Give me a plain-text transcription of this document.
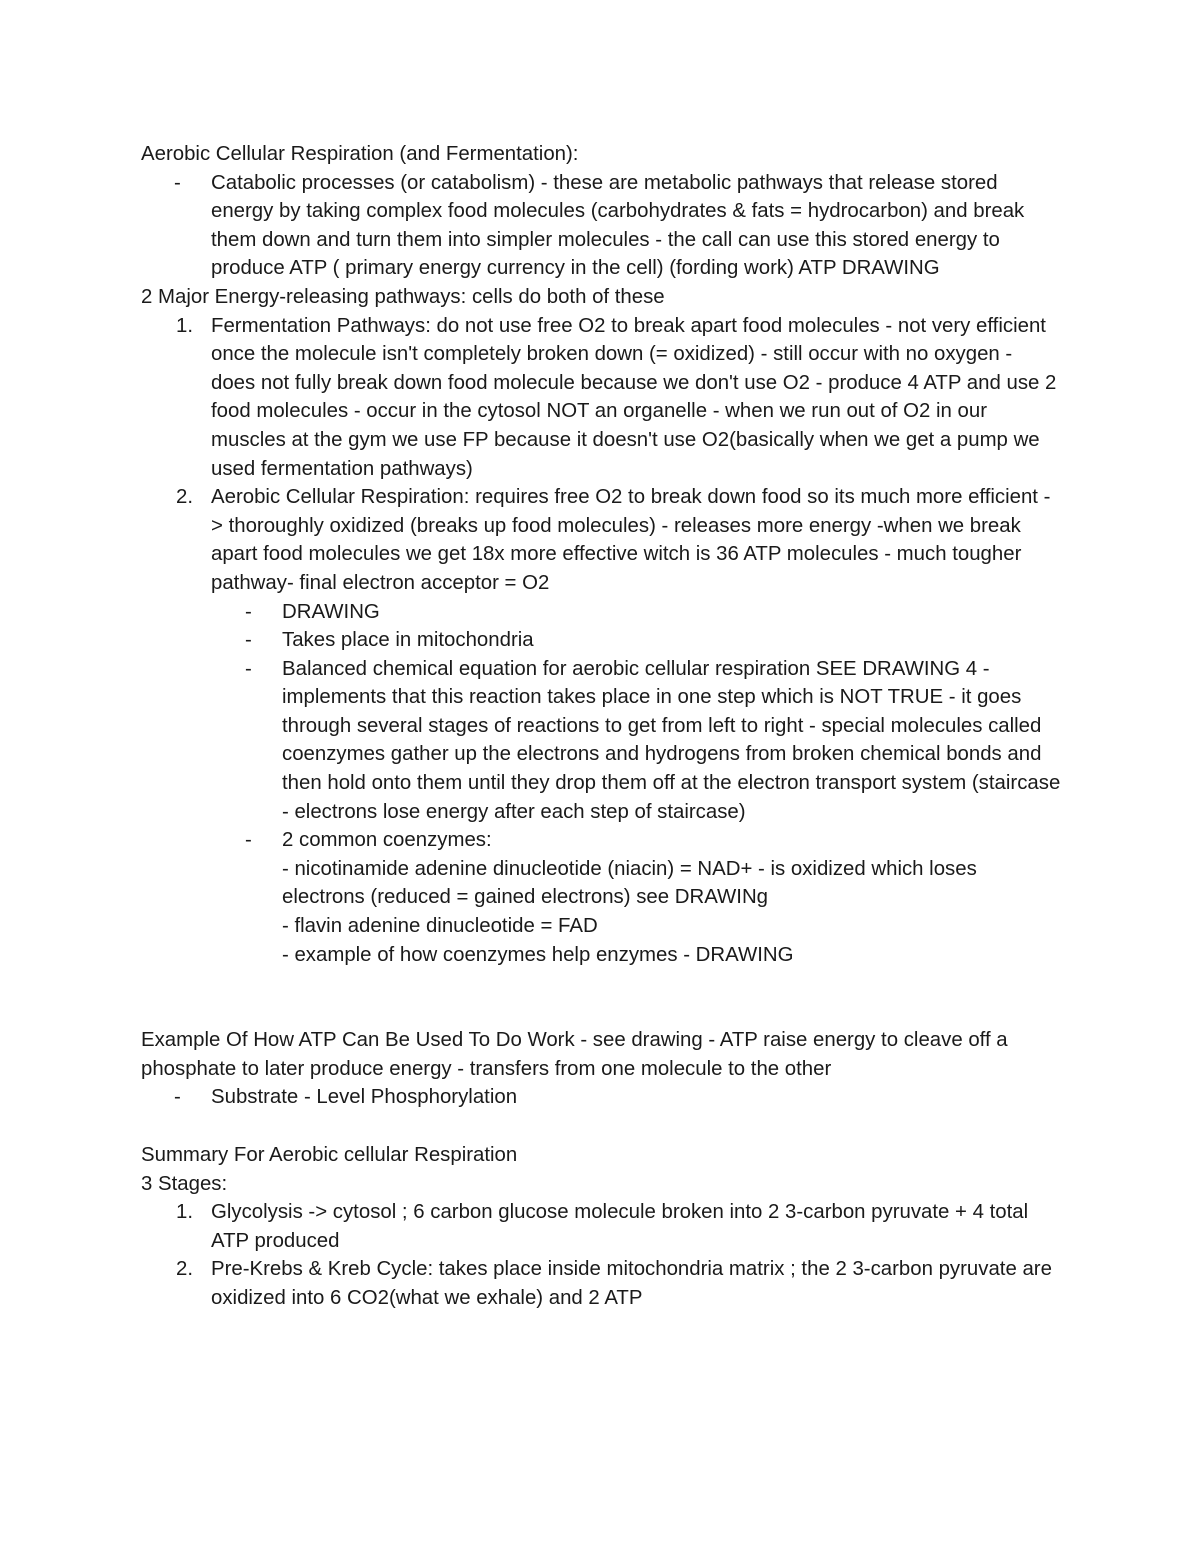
Aerobic Cellular Respiration (and Fermentation):
- Catabolic processes (or catabolism) - these are metabolic pathways that release stored energy by taking complex food molecules (carbohydrates & fats = hydrocarbon) and break them down and turn them into simpler molecules - the call can use this stored energy to produce ATP ( primary energy currency in the cell) (fording work) ATP DRAWING
2 Major Energy-releasing pathways: cells do both of these
1. Fermentation Pathways: do not use free O2 to break apart food molecules - not very efficient once the molecule isn't completely broken down (= oxidized) - still occur with no oxygen - does not fully break down food molecule because we don't use O2 - produce 4 ATP and use 2 food molecules - occur in the cytosol NOT an organelle - when we run out of O2 in our muscles at the gym we use FP because it doesn't use O2(basically when we get a pump we used fermentation pathways)
2. Aerobic Cellular Respiration: requires free O2 to break down food so its much more efficient -> thoroughly oxidized (breaks up food molecules) - releases more energy -when we break apart food molecules we get 18x more effective witch is 36 ATP molecules - much tougher pathway- final electron acceptor = O2
- DRAWING
- Takes place in mitochondria
- Balanced chemical equation for aerobic cellular respiration SEE DRAWING 4 - implements that this reaction takes place in one step which is NOT TRUE - it goes through several stages of reactions to get from left to right - special molecules called coenzymes gather up the electrons and hydrogens from broken chemical bonds and then hold onto them until they drop them off at the electron transport system (staircase - electrons lose energy after each step of staircase)
- 2 common coenzymes:
- nicotinamide adenine dinucleotide (niacin) = NAD+ - is oxidized which loses electrons (reduced = gained electrons) see DRAWINg
- flavin adenine dinucleotide = FAD
- example of how coenzymes help enzymes - DRAWING
Example Of How ATP Can Be Used To Do Work - see drawing - ATP raise energy to cleave off a phosphate to later produce energy - transfers from one molecule to the other
- Substrate - Level Phosphorylation
Summary For Aerobic cellular Respiration
3 Stages:
1. Glycolysis -> cytosol ; 6 carbon glucose molecule broken into 2 3-carbon pyruvate + 4 total ATP produced
2. Pre-Krebs & Kreb Cycle: takes place inside mitochondria matrix ; the 2 3-carbon pyruvate are oxidized into 6 CO2(what we exhale) and 2 ATP
